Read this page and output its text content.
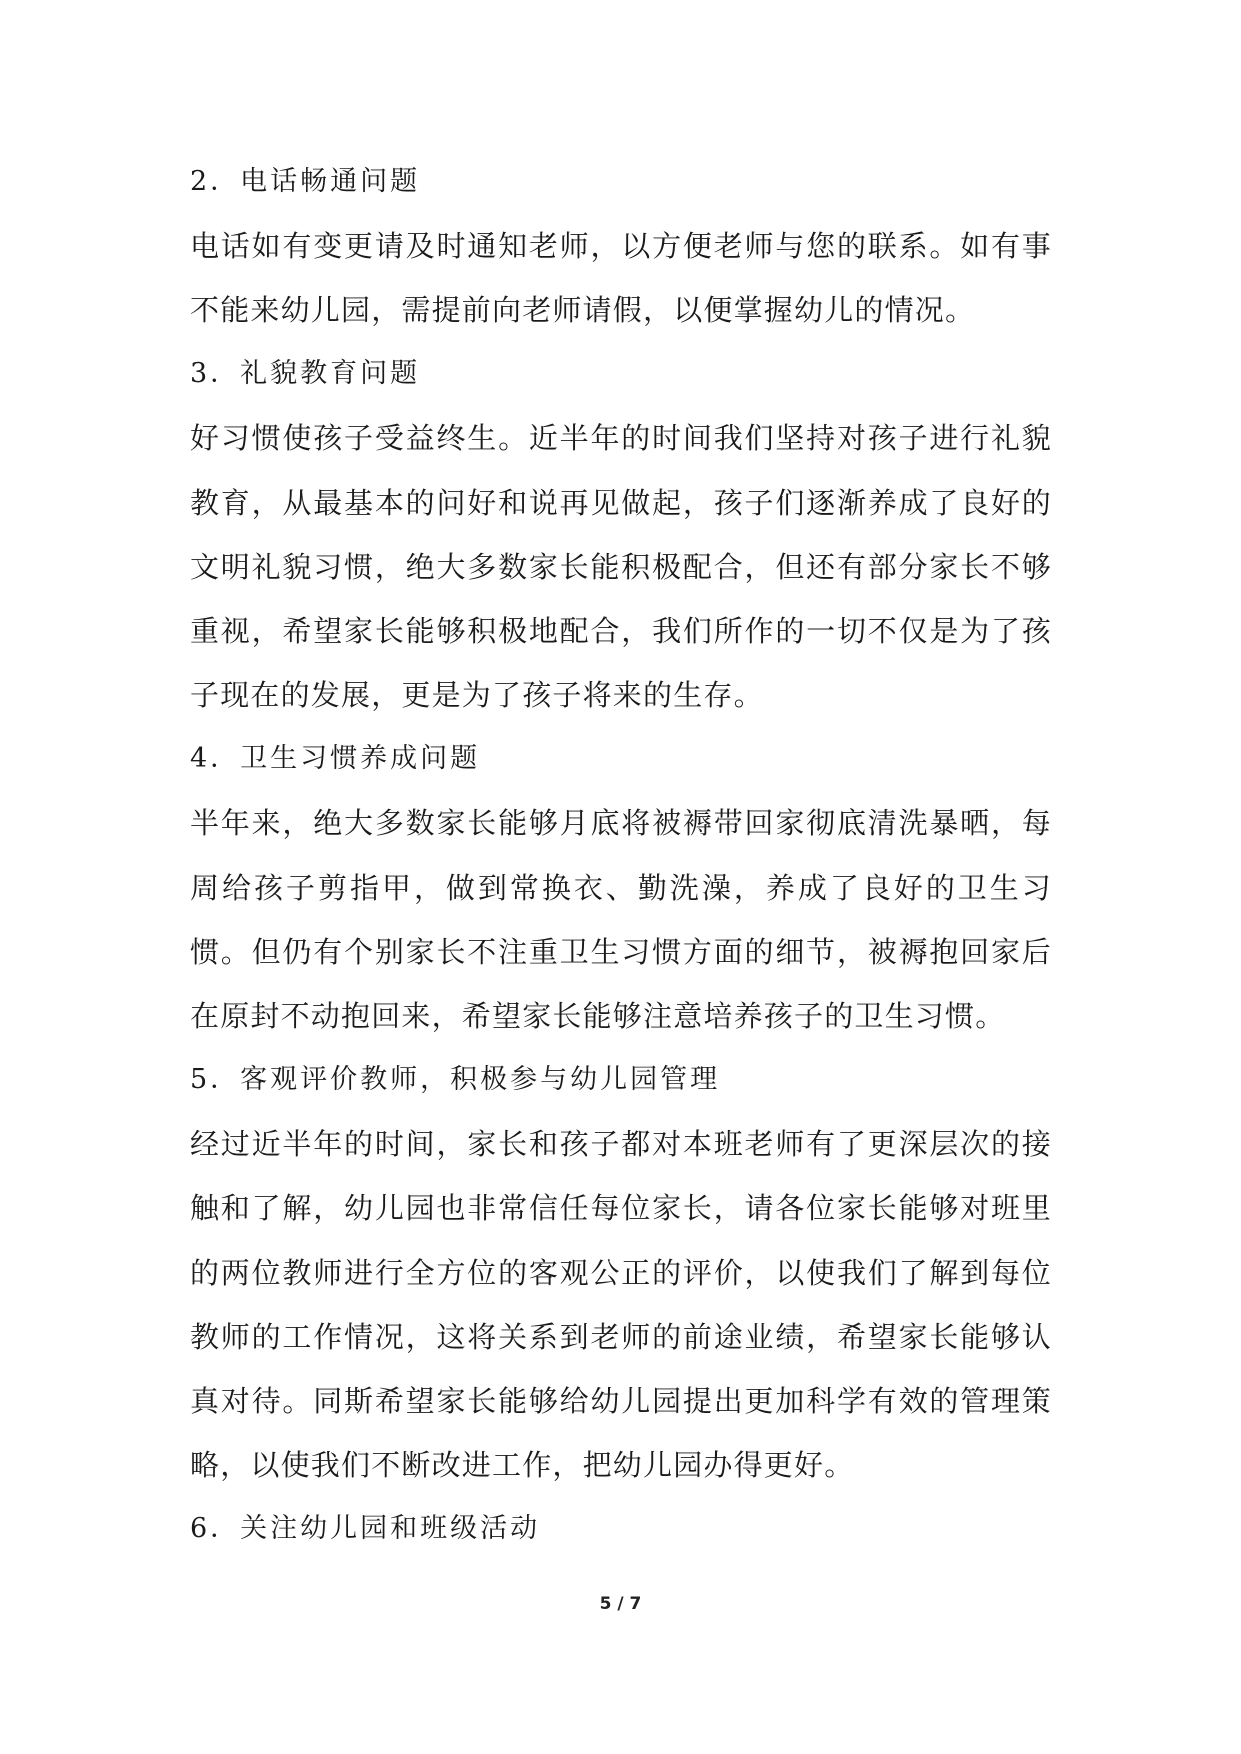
2．电话畅通问题

电话如有变更请及时通知老师，以方便老师与您的联系。如有事不能来幼儿园，需提前向老师请假，以便掌握幼儿的情况。

3．礼貌教育问题

好习惯使孩子受益终生。近半年的时间我们坚持对孩子进行礼貌教育，从最基本的问好和说再见做起，孩子们逐渐养成了良好的文明礼貌习惯，绝大多数家长能积极配合，但还有部分家长不够重视，希望家长能够积极地配合，我们所作的一切不仅是为了孩子现在的发展，更是为了孩子将来的生存。

4．卫生习惯养成问题

半年来，绝大多数家长能够月底将被褥带回家彻底清洗暴晒，每周给孩子剪指甲，做到常换衣、勤洗澡，养成了良好的卫生习惯。但仍有个别家长不注重卫生习惯方面的细节，被褥抱回家后在原封不动抱回来，希望家长能够注意培养孩子的卫生习惯。

5．客观评价教师，积极参与幼儿园管理

经过近半年的时间，家长和孩子都对本班老师有了更深层次的接触和了解，幼儿园也非常信任每位家长，请各位家长能够对班里的两位教师进行全方位的客观公正的评价，以使我们了解到每位教师的工作情况，这将关系到老师的前途业绩，希望家长能够认真对待。同斯希望家长能够给幼儿园提出更加科学有效的管理策略，以使我们不断改进工作，把幼儿园办得更好。

6．关注幼儿园和班级活动
5 / 7
